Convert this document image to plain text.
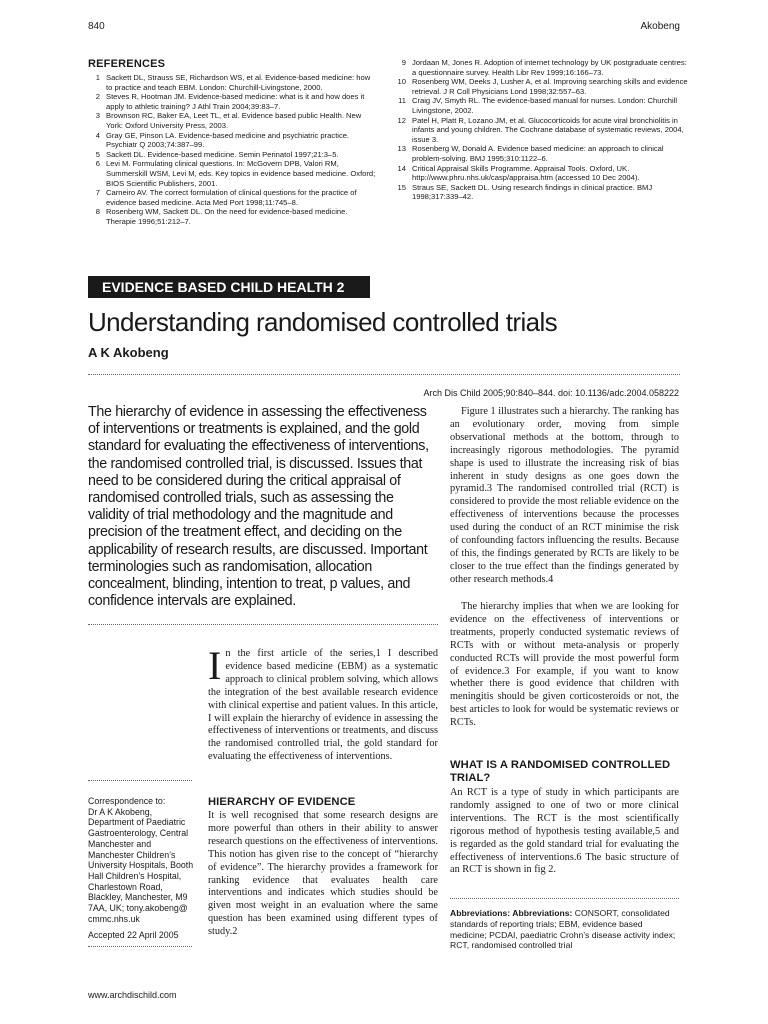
840	Akobeng
REFERENCES
1 Sackett DL, Strauss SE, Richardson WS, et al. Evidence-based medicine: how to practice and teach EBM. London: Churchill-Livingstone, 2000.
2 Steves R, Hootman JM. Evidence-based medicine: what is it and how does it apply to athletic training? J Athl Train 2004;39:83–7.
3 Brownson RC, Baker EA, Leet TL, et al. Evidence based public Health. New York: Oxford University Press, 2003.
4 Gray GE, Pinson LA. Evidence-based medicine and psychiatric practice. Psychiatr Q 2003;74:387–99.
5 Sackett DL. Evidence-based medicine. Semin Perinatol 1997;21:3–5.
6 Levi M. Formulating clinical questions. In: McGovern DPB, Valori RM, Summerskill WSM, Levi M, eds. Key topics in evidence based medicine. Oxford; BIOS Scientific Publishers, 2001.
7 Carneiro AV. The correct formulation of clinical questions for the practice of evidence based medicine. Acta Med Port 1998;11:745–8.
8 Rosenberg WM, Sackett DL. On the need for evidence-based medicine. Therapie 1996;51:212–7.
9 Jordaan M, Jones R. Adoption of internet technology by UK postgraduate centres: a questionnaire survey. Health Libr Rev 1999;16:166–73.
10 Rosenberg WM, Deeks J, Lusher A, et al. Improving searching skills and evidence retrieval. J R Coll Physicians Lond 1998;32:557–63.
11 Craig JV, Smyth RL. The evidence-based manual for nurses. London: Churchill Livingstone, 2002.
12 Patel H, Platt R, Lozano JM, et al. Glucocorticoids for acute viral bronchiolitis in infants and young children. The Cochrane database of systematic reviews, 2004, issue 3.
13 Rosenberg W, Donald A. Evidence based medicine: an approach to clinical problem-solving. BMJ 1995;310:1122–6.
14 Critical Appraisal Skills Programme. Appraisal Tools. Oxford, UK. http://www.phru.nhs.uk/casp/appraisa.htm (accessed 10 Dec 2004).
15 Straus SE, Sackett DL. Using research findings in clinical practice. BMJ 1998;317:339–42.
EVIDENCE BASED CHILD HEALTH 2
Understanding randomised controlled trials
A K Akobeng
Arch Dis Child 2005;90:840–844. doi: 10.1136/adc.2004.058222
The hierarchy of evidence in assessing the effectiveness of interventions or treatments is explained, and the gold standard for evaluating the effectiveness of interventions, the randomised controlled trial, is discussed. Issues that need to be considered during the critical appraisal of randomised controlled trials, such as assessing the validity of trial methodology and the magnitude and precision of the treatment effect, and deciding on the applicability of research results, are discussed. Important terminologies such as randomisation, allocation concealment, blinding, intention to treat, p values, and confidence intervals are explained.
In the first article of the series,1 I described evidence based medicine (EBM) as a systematic approach to clinical problem solving, which allows the integration of the best available research evidence with clinical expertise and patient values. In this article, I will explain the hierarchy of evidence in assessing the effectiveness of interventions or treatments, and discuss the randomised controlled trial, the gold standard for evaluating the effectiveness of interventions.
HIERARCHY OF EVIDENCE
It is well recognised that some research designs are more powerful than others in their ability to answer research questions on the effectiveness of interventions. This notion has given rise to the concept of “hierarchy of evidence”. The hierarchy provides a framework for ranking evidence that evaluates health care interventions and indicates which studies should be given most weight in an evaluation where the same question has been examined using different types of study.2
Correspondence to:
Dr A K Akobeng, Department of Paediatric Gastroenterology, Central Manchester and Manchester Children’s University Hospitals, Booth Hall Children’s Hospital, Charlestown Road, Blackley, Manchester, M9 7AA, UK; tony.akobeng@ cmmc.nhs.uk
Accepted 22 April 2005
Figure 1 illustrates such a hierarchy. The ranking has an evolutionary order, moving from simple observational methods at the bottom, through to increasingly rigorous methodologies. The pyramid shape is used to illustrate the increasing risk of bias inherent in study designs as one goes down the pyramid.3 The randomised controlled trial (RCT) is considered to provide the most reliable evidence on the effectiveness of interventions because the processes used during the conduct of an RCT minimise the risk of confounding factors influencing the results. Because of this, the findings generated by RCTs are likely to be closer to the true effect than the findings generated by other research methods.4
The hierarchy implies that when we are looking for evidence on the effectiveness of interventions or treatments, properly conducted systematic reviews of RCTs with or without meta-analysis or properly conducted RCTs will provide the most powerful form of evidence.3 For example, if you want to know whether there is good evidence that children with meningitis should be given corticosteroids or not, the best articles to look for would be systematic reviews or RCTs.
WHAT IS A RANDOMISED CONTROLLED TRIAL?
An RCT is a type of study in which participants are randomly assigned to one of two or more clinical interventions. The RCT is the most scientifically rigorous method of hypothesis testing available,5 and is regarded as the gold standard trial for evaluating the effectiveness of interventions.6 The basic structure of an RCT is shown in fig 2.
Abbreviations: Abbreviations: CONSORT, consolidated standards of reporting trials; EBM, evidence based medicine; PCDAI, paediatric Crohn’s disease activity index; RCT, randomised controlled trial
www.archdischild.com
